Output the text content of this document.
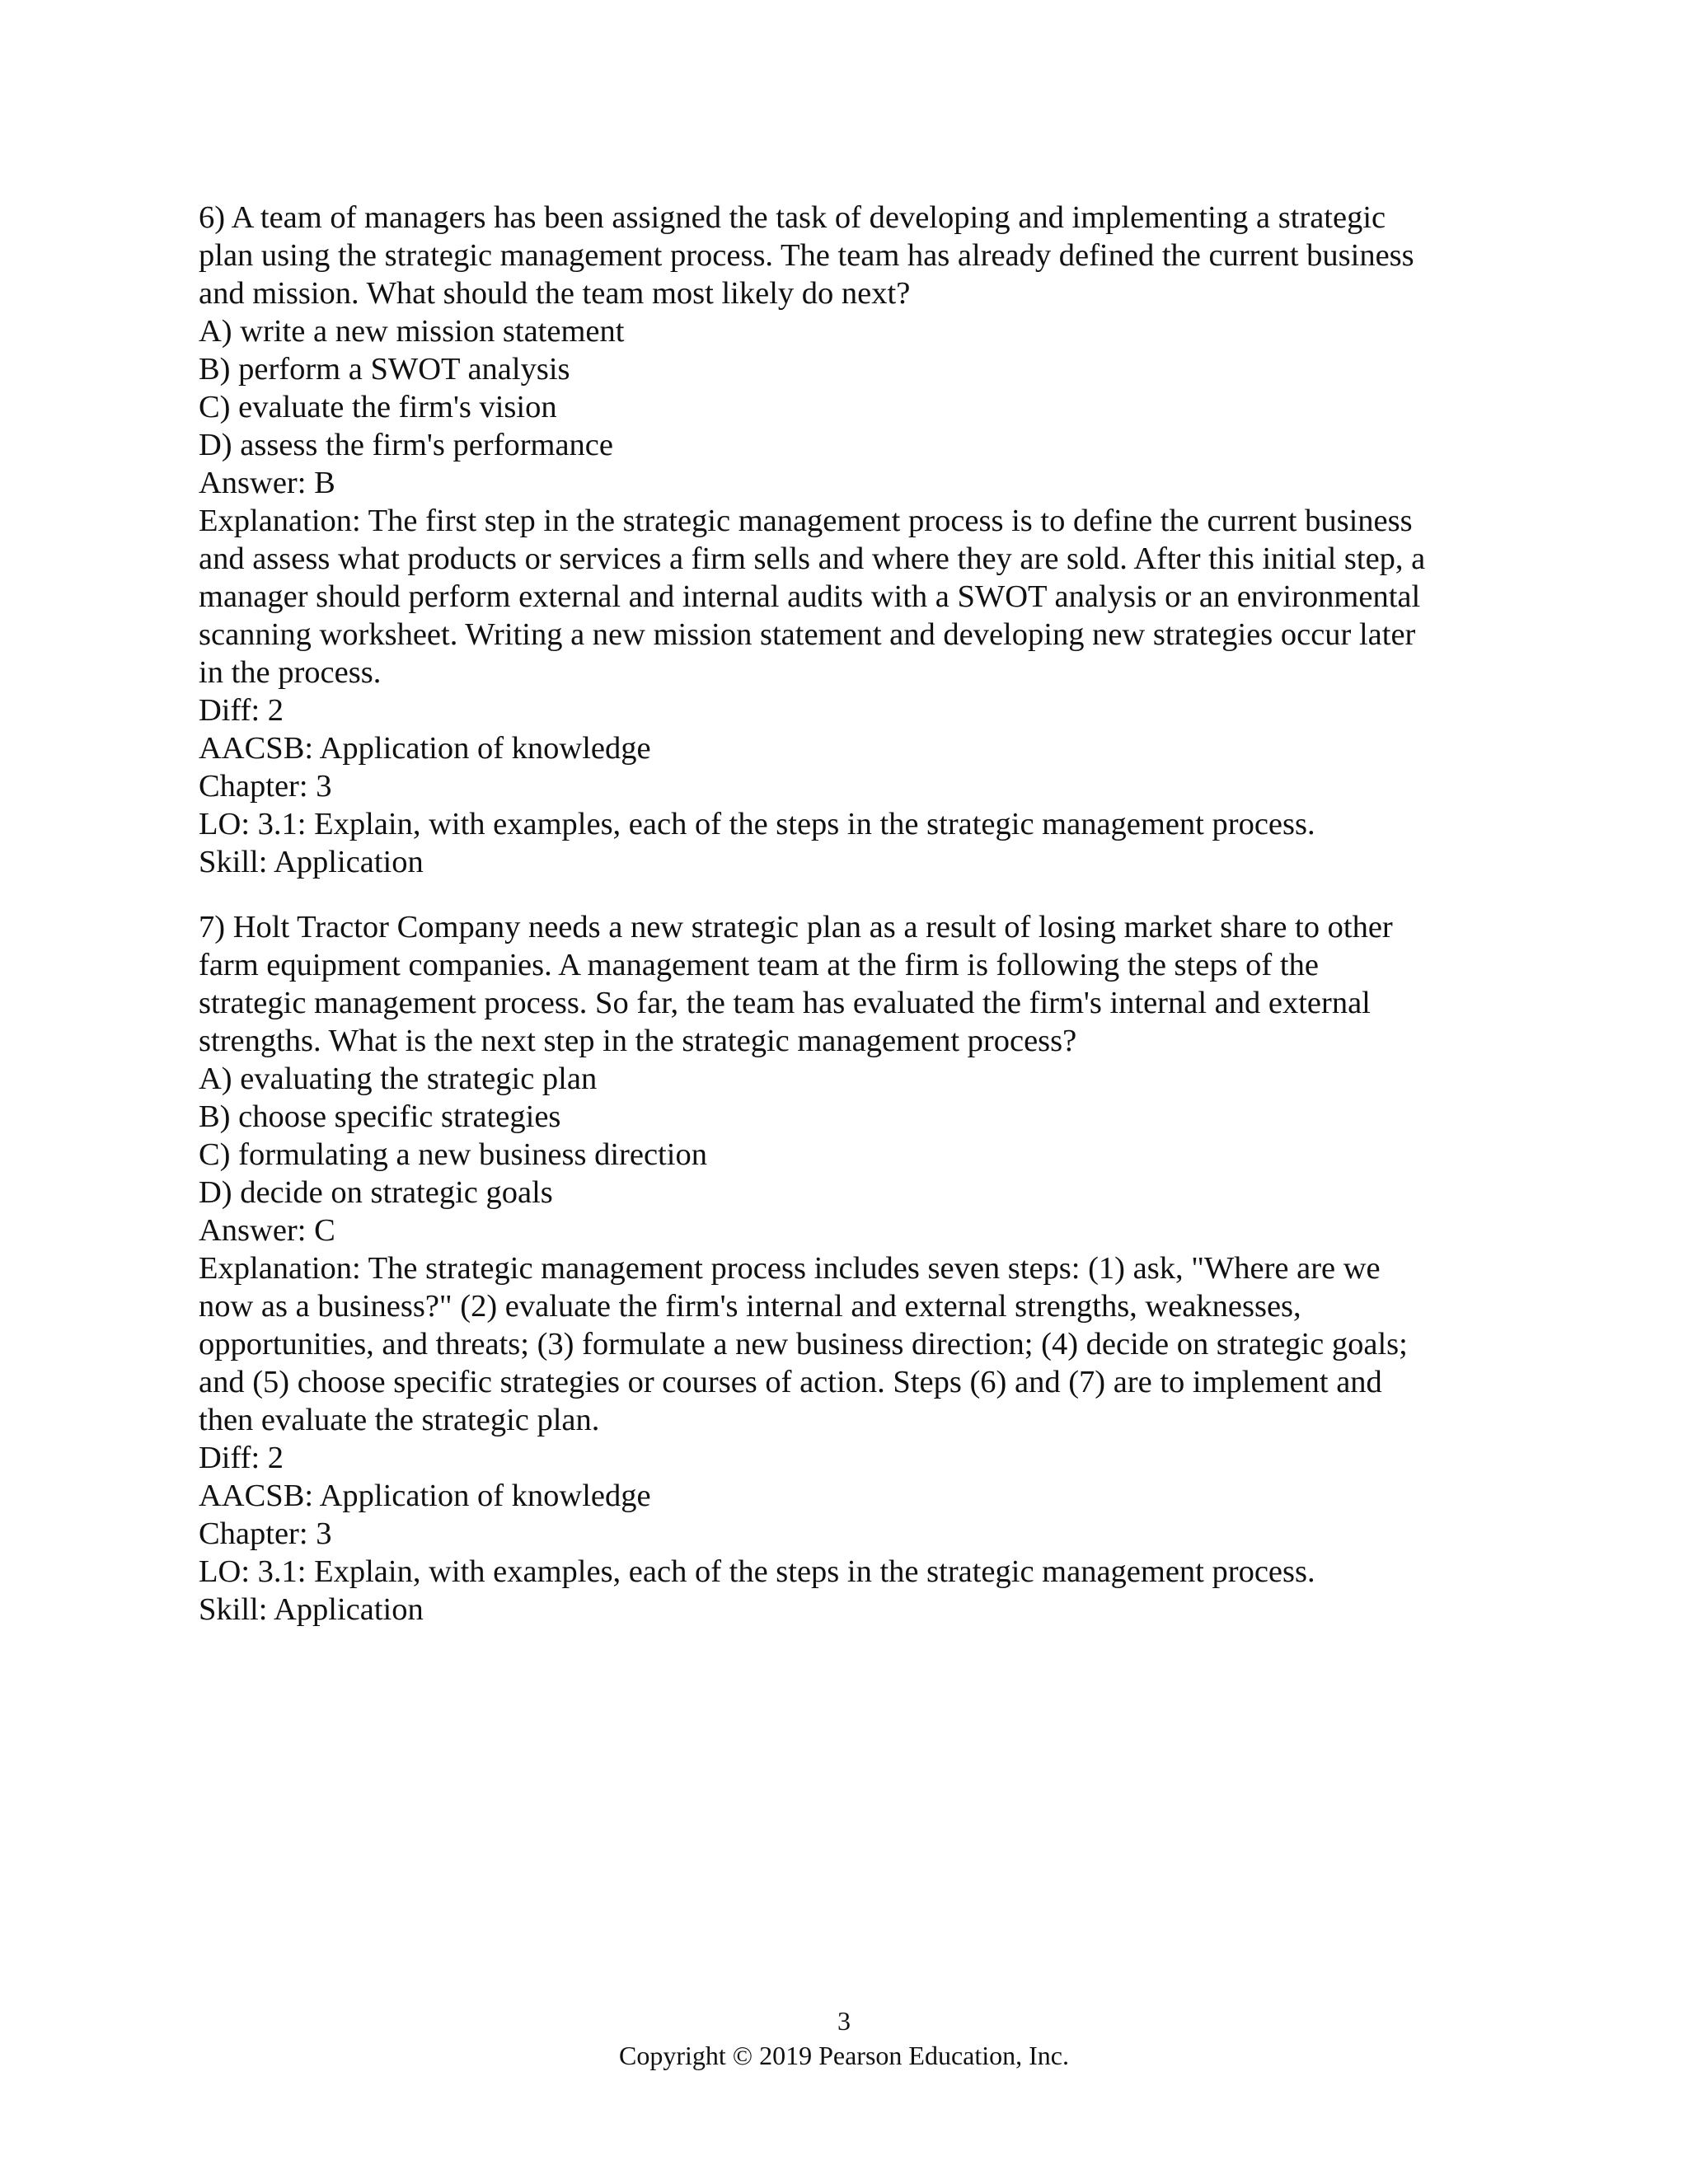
6) A team of managers has been assigned the task of developing and implementing a strategic
plan using the strategic management process. The team has already defined the current business
and mission. What should the team most likely do next?
A) write a new mission statement
B) perform a SWOT analysis
C) evaluate the firm's vision
D) assess the firm's performance
Answer: B
Explanation: The first step in the strategic management process is to define the current business
and assess what products or services a firm sells and where they are sold. After this initial step, a
manager should perform external and internal audits with a SWOT analysis or an environmental
scanning worksheet. Writing a new mission statement and developing new strategies occur later
in the process.
Diff: 2
AACSB: Application of knowledge
Chapter: 3
LO: 3.1: Explain, with examples, each of the steps in the strategic management process.
Skill: Application
7) Holt Tractor Company needs a new strategic plan as a result of losing market share to other
farm equipment companies. A management team at the firm is following the steps of the
strategic management process. So far, the team has evaluated the firm's internal and external
strengths. What is the next step in the strategic management process?
A) evaluating the strategic plan
B) choose specific strategies
C) formulating a new business direction
D) decide on strategic goals
Answer: C
Explanation: The strategic management process includes seven steps: (1) ask, "Where are we
now as a business?" (2) evaluate the firm's internal and external strengths, weaknesses,
opportunities, and threats; (3) formulate a new business direction; (4) decide on strategic goals;
and (5) choose specific strategies or courses of action. Steps (6) and (7) are to implement and
then evaluate the strategic plan.
Diff: 2
AACSB: Application of knowledge
Chapter: 3
LO: 3.1: Explain, with examples, each of the steps in the strategic management process.
Skill: Application
3
Copyright © 2019 Pearson Education, Inc.
